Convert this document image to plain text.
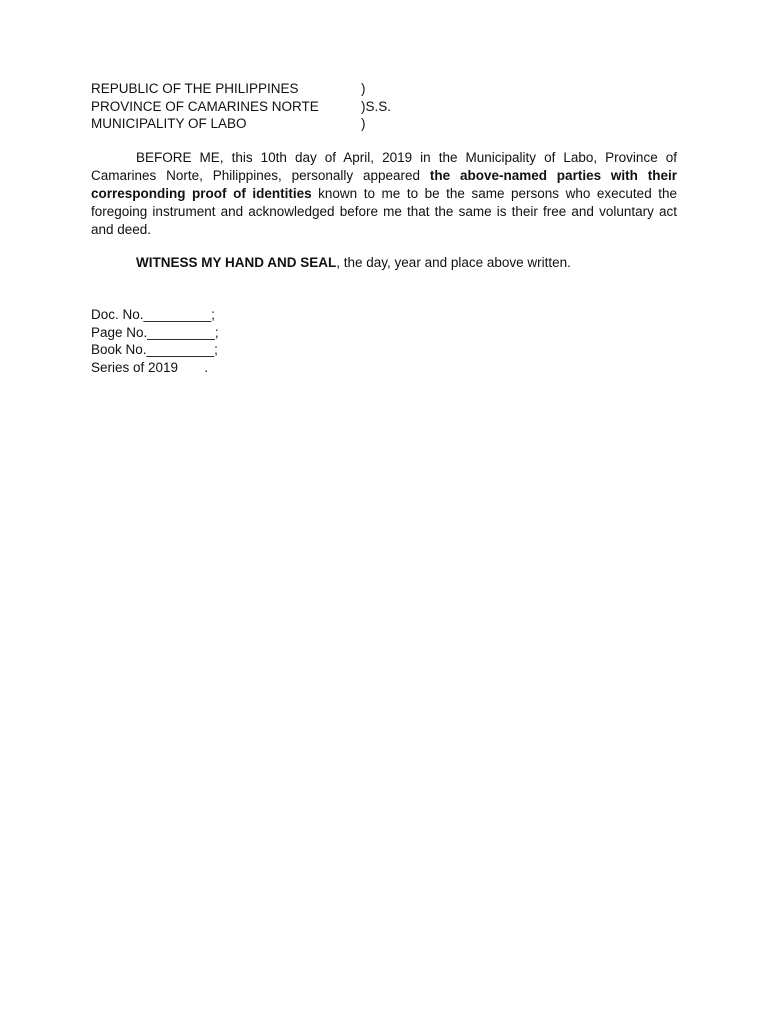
REPUBLIC OF THE PHILIPPINES	)
PROVINCE OF CAMARINES NORTE	)S.S.
MUNICIPALITY OF LABO	)

BEFORE ME, this 10th day of April, 2019 in the Municipality of Labo, Province of Camarines Norte, Philippines, personally appeared the above-named parties with their corresponding proof of identities known to me to be the same persons who executed the foregoing instrument and acknowledged before me that the same is their free and voluntary act and deed.

WITNESS MY HAND AND SEAL, the day, year and place above written.

Doc. No._________;
Page No._________;
Book No._________;
Series of 2019       .
